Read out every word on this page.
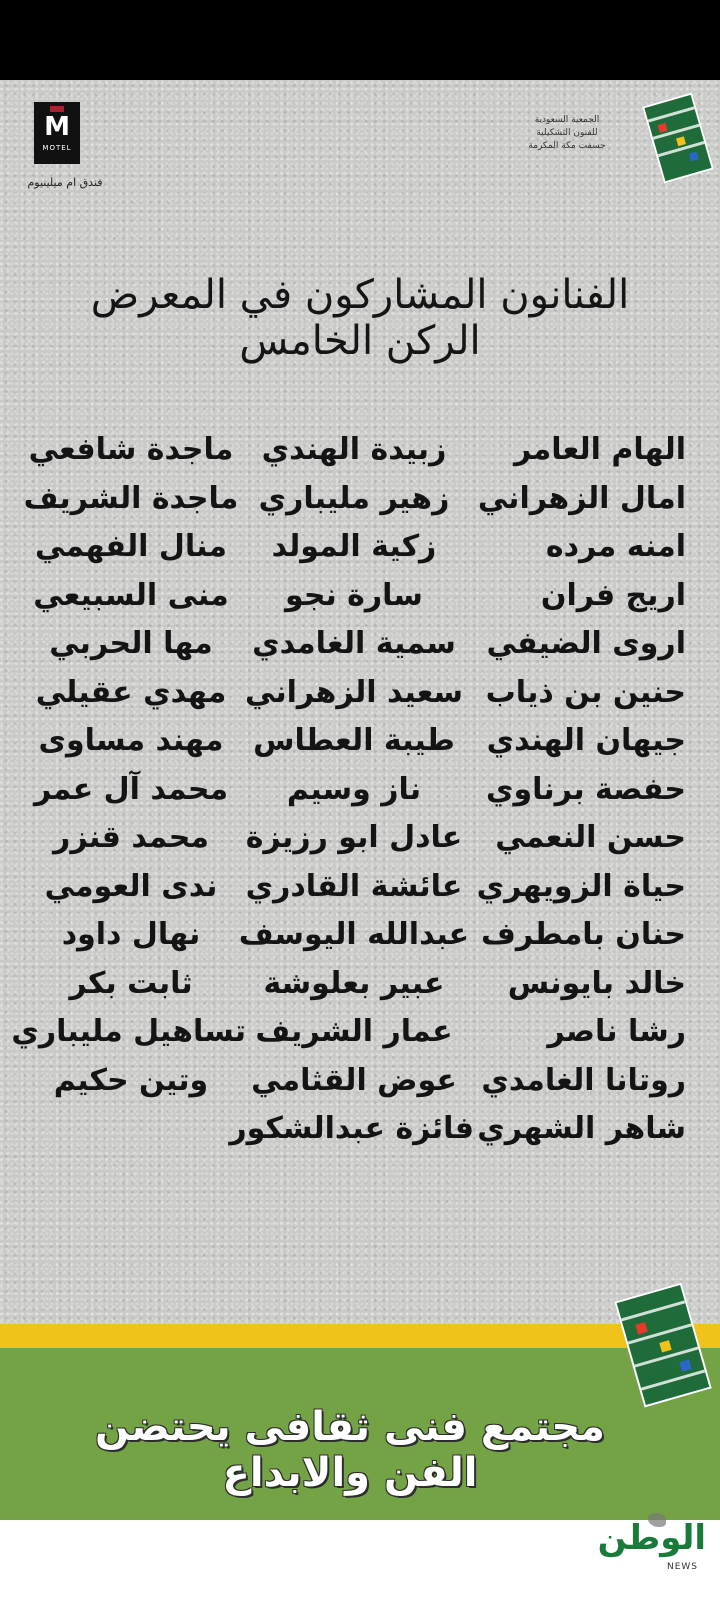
M
MOTEL
فندق ام ميلينيوم
الجمعية السعودية
للفنون التشكيلية
جسفت مكة المكرمة
الفنانون المشاركون في المعرض الركن الخامس
الهام العامر
امال الزهراني
امنه مرده
اريج فران
اروى الضيفي
حنين بن ذياب
جيهان الهندي
حفصة برناوي
حسن النعمي
حياة الزويهري
حنان بامطرف
خالد بايونس
رشا ناصر
روتانا الغامدي
شاهر الشهري
زبيدة الهندي
زهير مليباري
زكية المولد
سارة نجو
سمية الغامدي
سعيد الزهراني
طيبة العطاس
ناز وسيم
عادل ابو رزيزة
عائشة القادري
عبدالله اليوسف
عبير بعلوشة
عمار الشريف
عوض القثامي
فائزة عبدالشكور
ماجدة شافعي
ماجدة الشريف
منال الفهمي
منى السبيعي
مها الحربي
مهدي عقيلي
مهند مساوى
محمد آل عمر
محمد قنزر
ندى العومي
نهال داود
ثابت بكر
تساهيل مليباري
وتين حكيم
مجتمع فنى ثقافى يحتضن الفن والابداع
الوطن
NEWS
